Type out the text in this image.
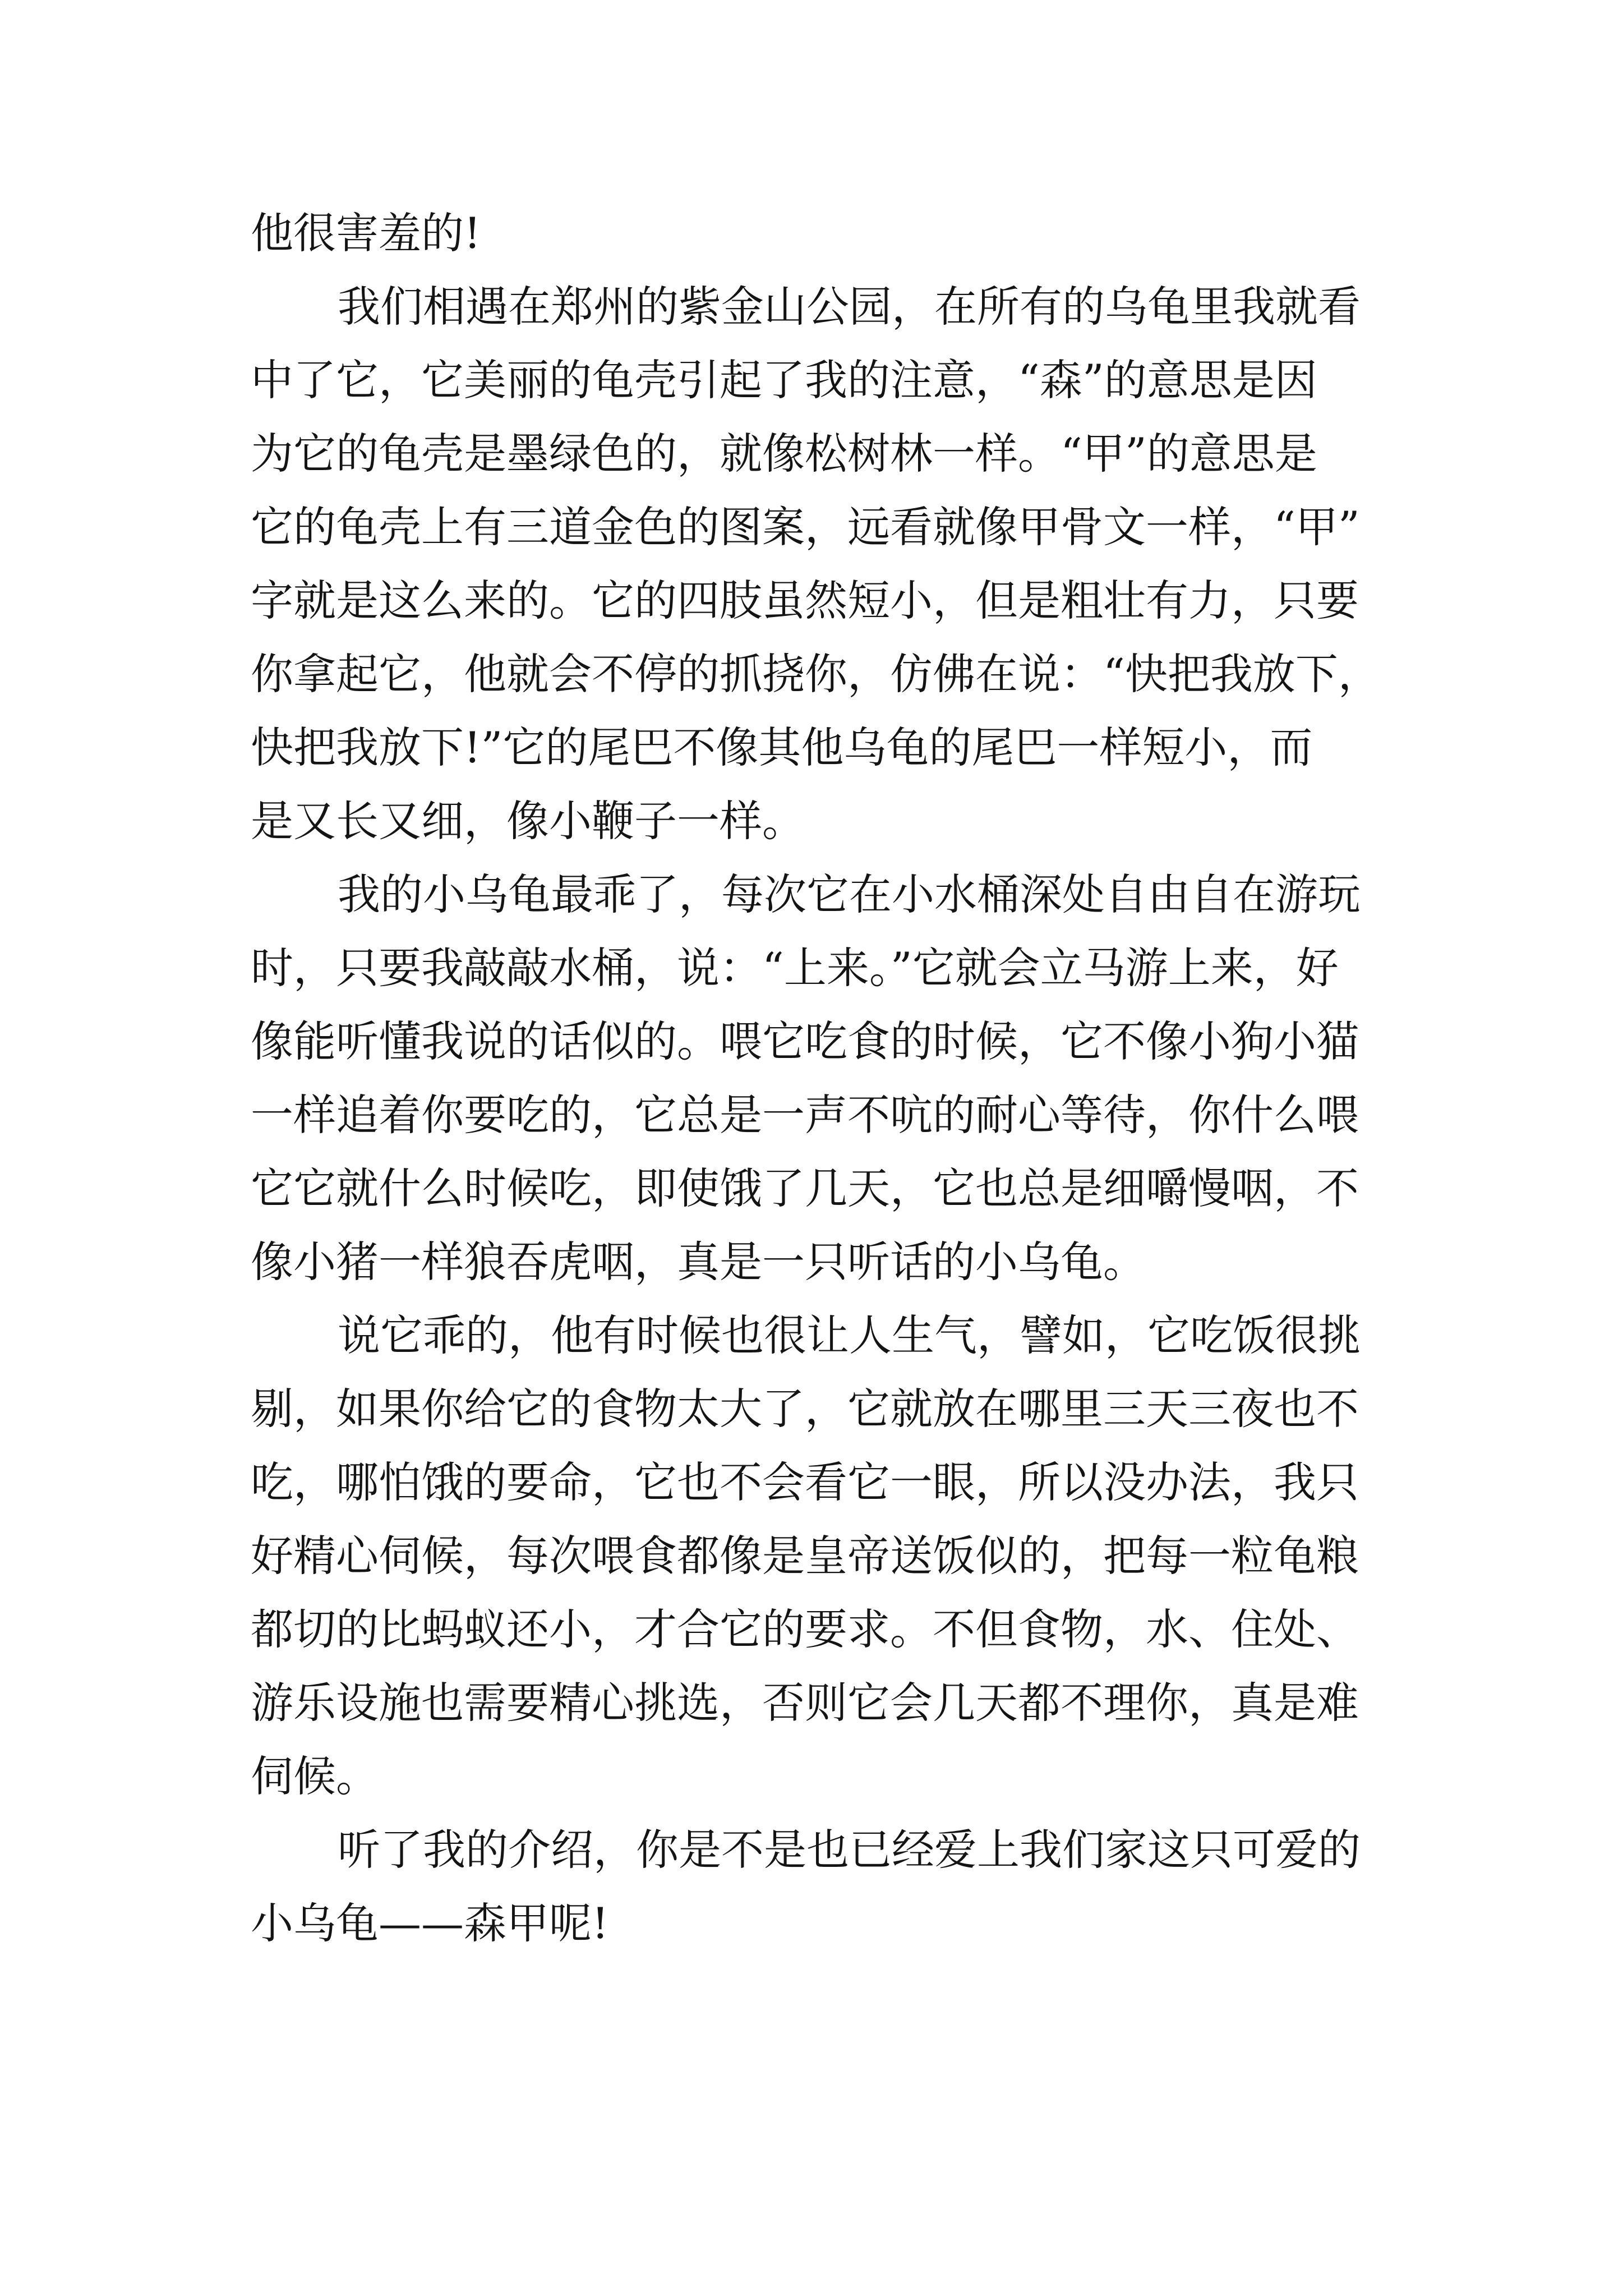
他很害羞的!
我们相遇在郑州的紫金山公园，在所有的乌龟里我就看
中了它，它美丽的龟壳引起了我的注意，“森”的意思是因
为它的龟壳是墨绿色的，就像松树林一样。“甲”的意思是
它的龟壳上有三道金色的图案，远看就像甲骨文一样，“甲”
字就是这么来的。它的四肢虽然短小，但是粗壮有力，只要
你拿起它，他就会不停的抓挠你，仿佛在说：“快把我放下，
快把我放下!”它的尾巴不像其他乌龟的尾巴一样短小，而
是又长又细，像小鞭子一样。
我的小乌龟最乖了，每次它在小水桶深处自由自在游玩
时，只要我敲敲水桶，说：“上来。”它就会立马游上来，好
像能听懂我说的话似的。喂它吃食的时候，它不像小狗小猫
一样追着你要吃的，它总是一声不吭的耐心等待，你什么喂
它它就什么时候吃，即使饿了几天，它也总是细嚼慢咽，不
像小猪一样狼吞虎咽，真是一只听话的小乌龟。
说它乖的，他有时候也很让人生气，譬如，它吃饭很挑
剔，如果你给它的食物太大了，它就放在哪里三天三夜也不
吃，哪怕饿的要命，它也不会看它一眼，所以没办法，我只
好精心伺候，每次喂食都像是皇帝送饭似的，把每一粒龟粮
都切的比蚂蚁还小，才合它的要求。不但食物，水、住处、
游乐设施也需要精心挑选，否则它会几天都不理你，真是难
伺候。
听了我的介绍，你是不是也已经爱上我们家这只可爱的
小乌龟——森甲呢!
